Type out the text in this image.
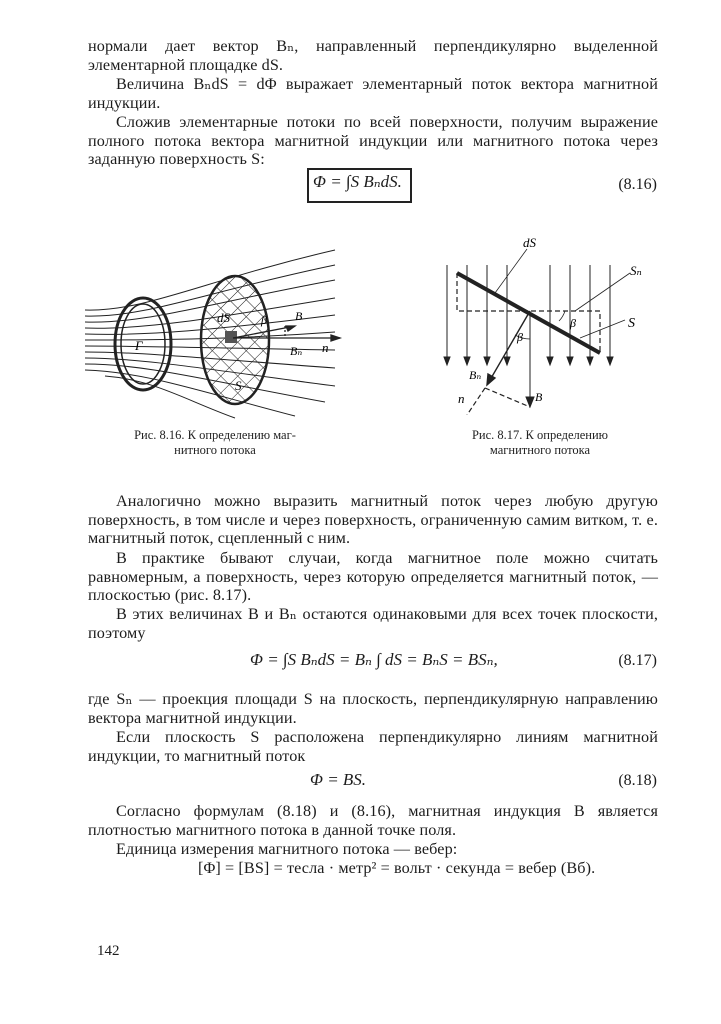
нормали дает вектор Bₙ, направленный перпендикулярно выделенной элементарной площадке dS.
Величина BₙdS = dΦ выражает элементарный поток вектора магнитной индукции.
Сложив элементарные потоки по всей поверхности, получим выражение полного потока вектора магнитной индукции или магнитного потока через заданную поверхность S:
Φ = ∫S BₙdS.	(8.16)
Г
dS
S
β B
Bₙ n
dS
Sₙ
S
β
β
Bₙ
n	B
Рис. 8.16. К определению маг-
нитного потока
Рис. 8.17. К определению
магнитного потока
Аналогично можно выразить магнитный поток через любую другую поверхность, в том числе и через поверхность, ограниченную самим витком, т. е. магнитный поток, сцепленный с ним.
В практике бывают случаи, когда магнитное поле можно считать равномерным, а поверхность, через которую определяется магнитный поток, — плоскостью (рис. 8.17).
В этих величинах B и Bₙ остаются одинаковыми для всех точек плоскости, поэтому
Φ = ∫S BₙdS = Bₙ ∫ dS = BₙS = BSₙ,	(8.17)
где Sₙ — проекция площади S на плоскость, перпендикулярную направлению вектора магнитной индукции.
Если плоскость S расположена перпендикулярно линиям магнитной индукции, то магнитный поток
Φ = BS.	(8.18)
Согласно формулам (8.18) и (8.16), магнитная индукция B является плотностью магнитного потока в данной точке поля.
Единица измерения магнитного потока — вебер:
[Φ] = [BS] = тесла · метр² = вольт · секунда = вебер (Вб).
142
